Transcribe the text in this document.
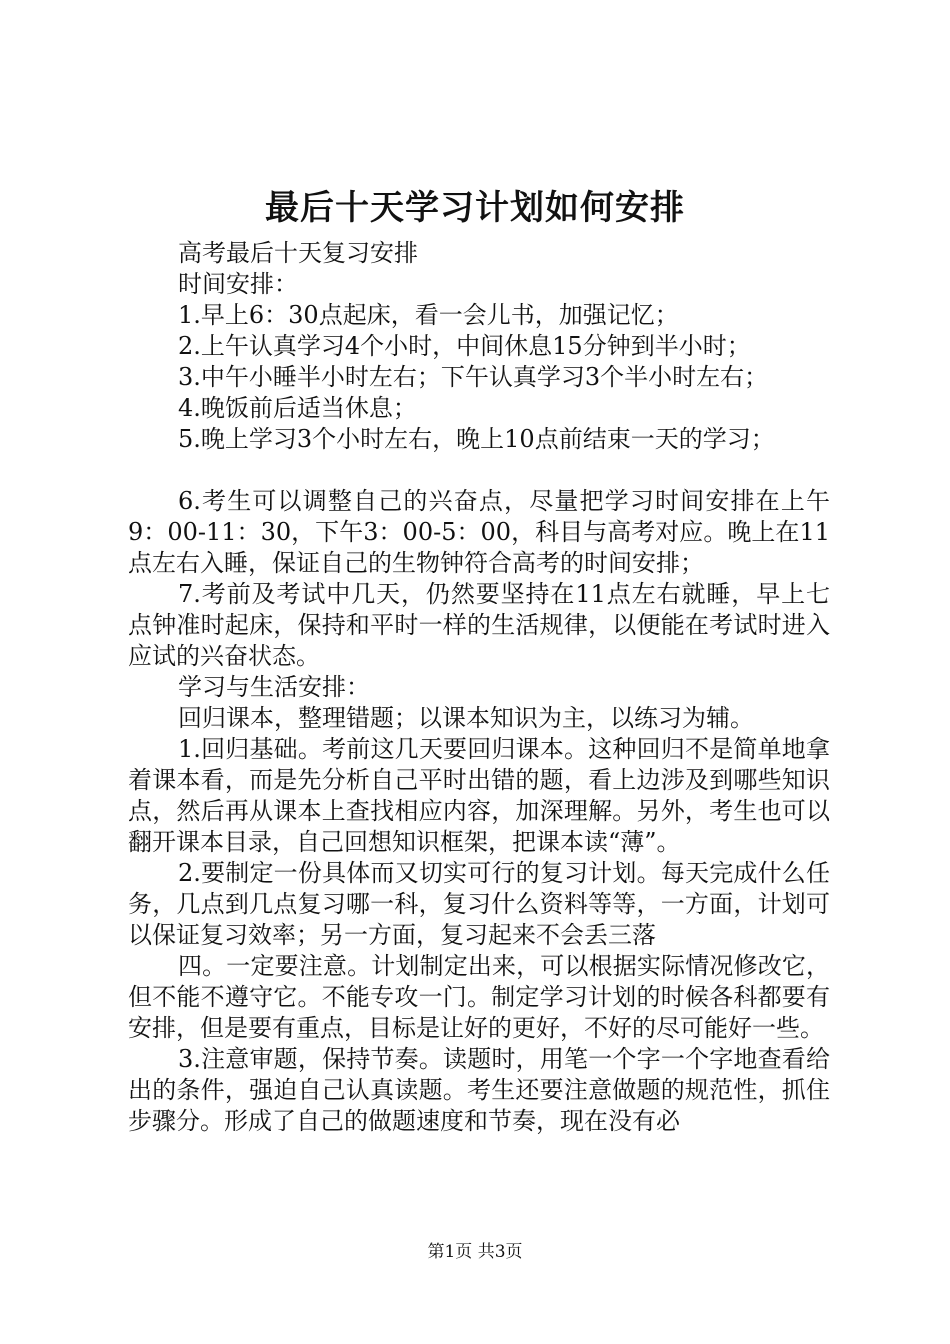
最后十天学习计划如何安排

高考最后十天复习安排

时间安排：

1.早上6：30点起床，看一会儿书，加强记忆；

2.上午认真学习4个小时，中间休息15分钟到半小时；

3.中午小睡半小时左右；下午认真学习3个半小时左右；

4.晚饭前后适当休息；

5.晚上学习3个小时左右，晚上10点前结束一天的学习；

6.考生可以调整自己的兴奋点，尽量把学习时间安排在上午9：00-11：30，下午3：00-5：00，科目与高考对应。晚上在11点左右入睡，保证自己的生物钟符合高考的时间安排；

7.考前及考试中几天，仍然要坚持在11点左右就睡，早上七点钟准时起床，保持和平时一样的生活规律，以便能在考试时进入应试的兴奋状态。

学习与生活安排：

回归课本，整理错题；以课本知识为主，以练习为辅。

1.回归基础。考前这几天要回归课本。这种回归不是简单地拿着课本看，而是先分析自己平时出错的题，看上边涉及到哪些知识点，然后再从课本上查找相应内容，加深理解。另外，考生也可以翻开课本目录，自己回想知识框架，把课本读“薄”。

2.要制定一份具体而又切实可行的复习计划。每天完成什么任务，几点到几点复习哪一科，复习什么资料等等，一方面，计划可以保证复习效率；另一方面，复习起来不会丢三落

四。一定要注意。计划制定出来，可以根据实际情况修改它，但不能不遵守它。不能专攻一门。制定学习计划的时候各科都要有安排，但是要有重点，目标是让好的更好，不好的尽可能好一些。

3.注意审题，保持节奏。读题时，用笔一个字一个字地查看给出的条件，强迫自己认真读题。考生还要注意做题的规范性，抓住步骤分。形成了自己的做题速度和节奏，现在没有必

第1页 共3页
